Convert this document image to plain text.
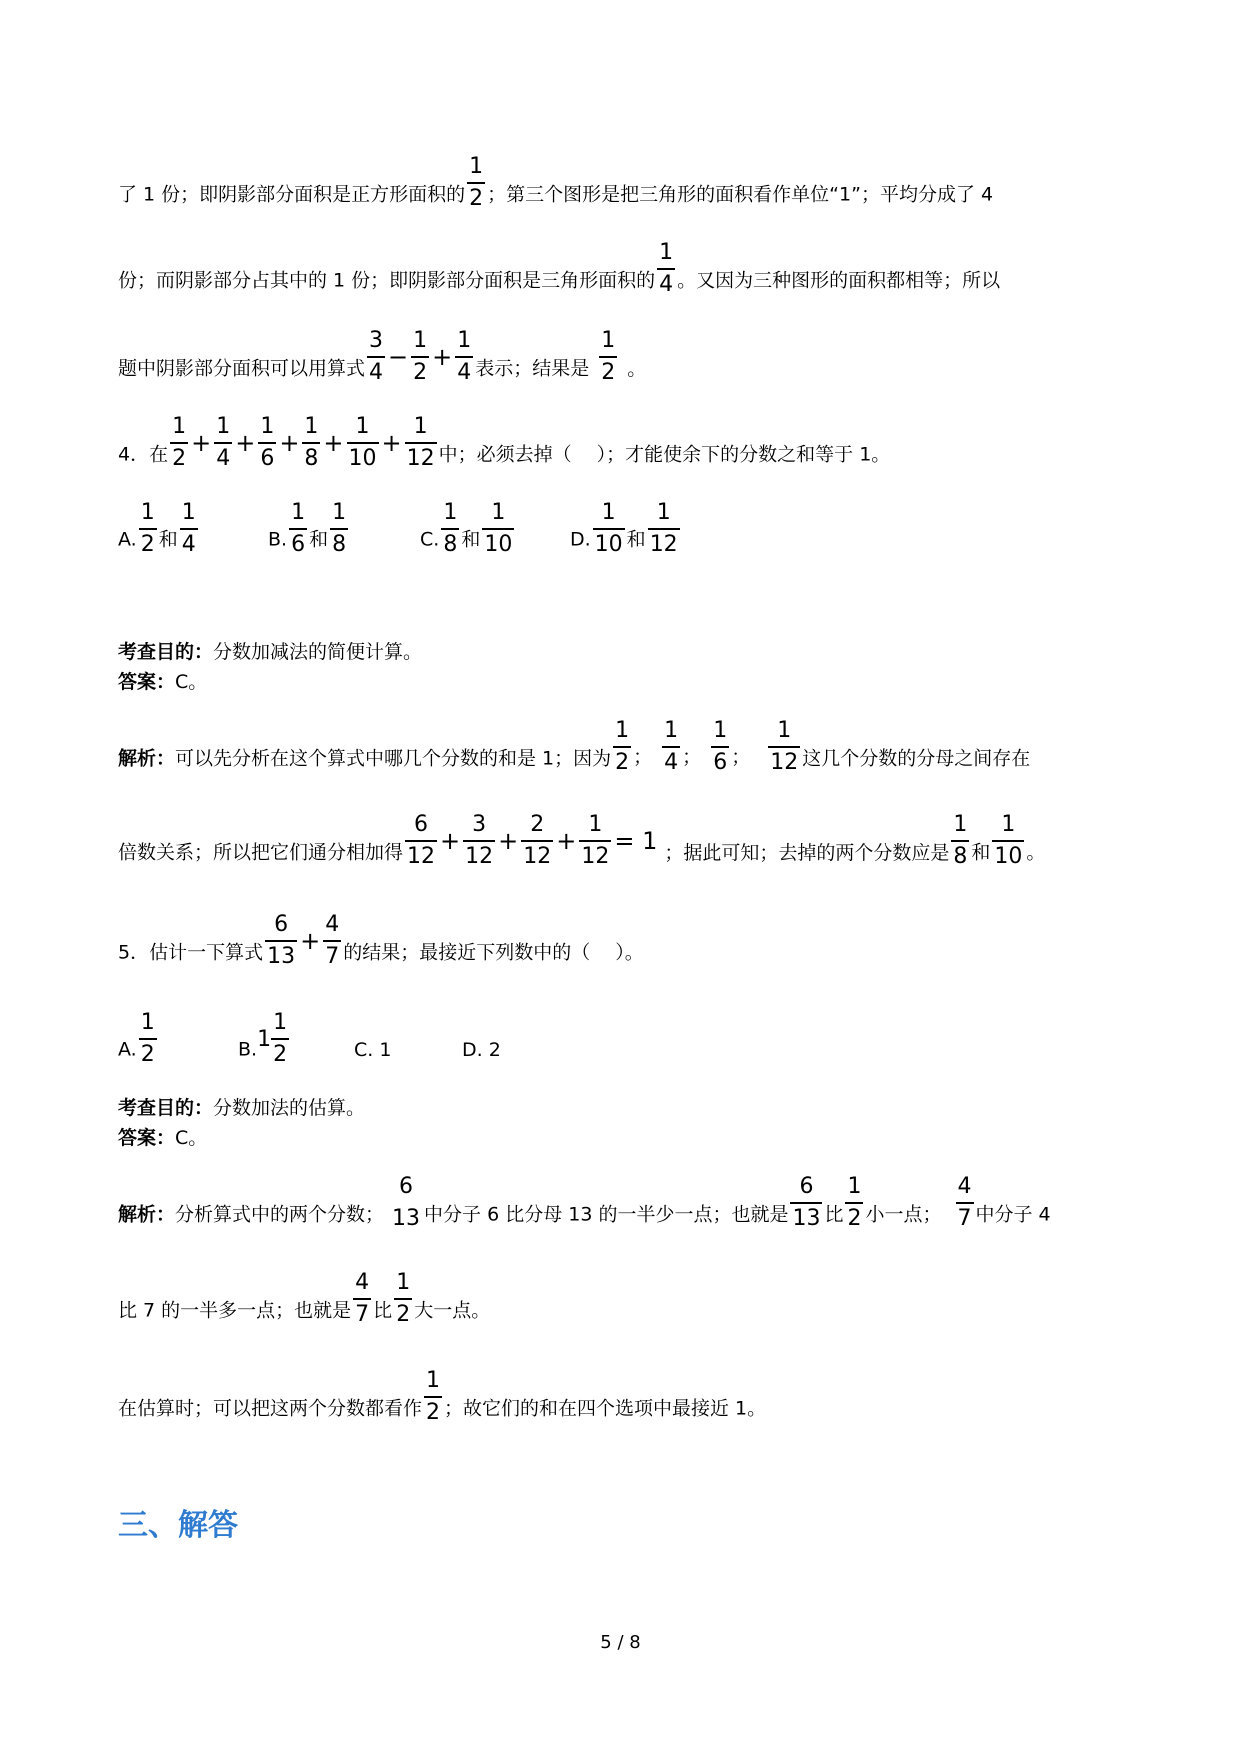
了 1 份；即阴影部分面积是正方形面积的 $\frac{1}{2}$ ；第三个图形是把三角形的面积看作单位“1”；平均分成了 4
份；而阴影部分占其中的 1 份；即阴影部分面积是三角形面积的 $\frac{1}{4}$ 。又因为三种图形的面积都相等；所以
题中阴影部分面积可以用算式 $\frac{3}{4} - \frac{1}{2} + \frac{1}{4}$ 表示；结果是 $\frac{1}{2}$ 。
4．在 $\frac{1}{2} + \frac{1}{4} + \frac{1}{6} + \frac{1}{8} + \frac{1}{10} + \frac{1}{12}$ 中；必须去掉（　 ）；才能使余下的分数之和等于 1。
A. $\frac{1}{2}$ 和 $\frac{1}{4}$	B. $\frac{1}{6}$ 和 $\frac{1}{8}$	C. $\frac{1}{8}$ 和 $\frac{1}{10}$	D. $\frac{1}{10}$ 和 $\frac{1}{12}$
考查目的：分数加减法的简便计算。
答案：C。
解析：可以先分析在这个算式中哪几个分数的和是 1；因为 $\frac{1}{2}$ ； $\frac{1}{4}$ ； $\frac{1}{6}$ ； $\frac{1}{12}$ 这几个分数的分母之间存在
倍数关系；所以把它们通分相加得 $\frac{6}{12} + \frac{3}{12} + \frac{2}{12} + \frac{1}{12} = 1$ ；据此可知；去掉的两个分数应是 $\frac{1}{8}$ 和 $\frac{1}{10}$ 。
5．估计一下算式 $\frac{6}{13} + \frac{4}{7}$ 的结果；最接近下列数中的（　 ）。
A. $\frac{1}{2}$	$B.1 \frac{1}{2}$	C. 1	D. 2
考查目的：分数加法的估算。
答案：C。
解析：分析算式中的两个分数；
6
13 中分子 6 比分母 13 的一半少一点；也就是 $\frac{6}{13}$ 比 $\frac{1}{2}$ 小一点； $\frac{4}{7}$ 中分子 4
比 7 的一半多一点；也就是 $\frac{4}{7}$ 比 $\frac{1}{2}$ 大一点。
在估算时；可以把这两个分数都看作 $\frac{1}{2}$ ；故它们的和在四个选项中最接近 1。
三、解答
5 / 8
